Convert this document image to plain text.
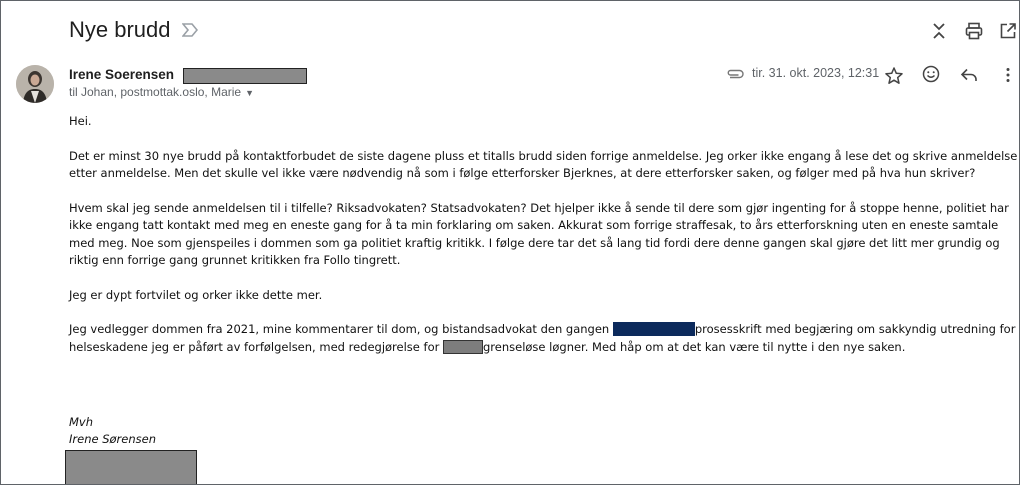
Nye brudd
Irene Soerensen
til Johan, postmottak.oslo, Marie ▼
tir. 31. okt. 2023, 12:31

Hei.

Det er minst 30 nye brudd på kontaktforbudet de siste dagene pluss et titalls brudd siden forrige anmeldelse. Jeg orker ikke engang å lese det og skrive anmeldelse etter anmeldelse. Men det skulle vel ikke være nødvendig nå som i følge etterforsker Bjerknes, at dere etterforsker saken, og følger med på hva hun skriver?

Hvem skal jeg sende anmeldelsen til i tilfelle? Riksadvokaten? Statsadvokaten? Det hjelper ikke å sende til dere som gjør ingenting for å stoppe henne, politiet har ikke engang tatt kontakt med meg en eneste gang for å ta min forklaring om saken. Akkurat som forrige straffesak, to års etterforskning uten en eneste samtale med meg. Noe som gjenspeiles i dommen som ga politiet kraftig kritikk. I følge dere tar det så lang tid fordi dere denne gangen skal gjøre det litt mer grundig og riktig enn forrige gang grunnet kritikken fra Follo tingrett.

Jeg er dypt fortvilet og orker ikke dette mer.

Jeg vedlegger dommen fra 2021, mine kommentarer til dom, og bistandsadvokat den gangen	prosesskrift med begjæring om sakkyndig utredning for helseskadene jeg er påført av forfølgelsen, med redegjørelse for	grenseløse løgner. Med håp om at det kan være til nytte i den nye saken.

Mvh
Irene Sørensen
